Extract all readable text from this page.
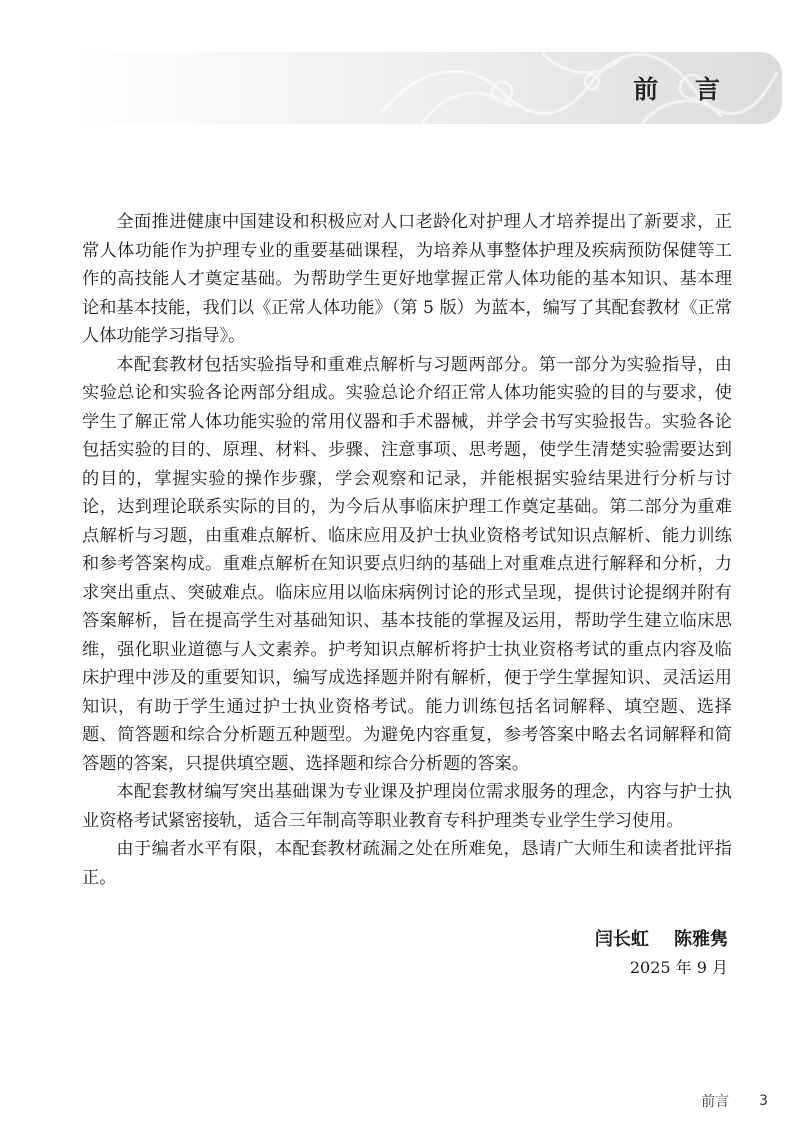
前 言

全面推进健康中国建设和积极应对人口老龄化对护理人才培养提出了新要求，正常人体功能作为护理专业的重要基础课程，为培养从事整体护理及疾病预防保健等工作的高技能人才奠定基础。为帮助学生更好地掌握正常人体功能的基本知识、基本理论和基本技能，我们以《正常人体功能》（第 5 版）为蓝本，编写了其配套教材《正常人体功能学习指导》。

本配套教材包括实验指导和重难点解析与习题两部分。第一部分为实验指导，由实验总论和实验各论两部分组成。实验总论介绍正常人体功能实验的目的与要求，使学生了解正常人体功能实验的常用仪器和手术器械，并学会书写实验报告。实验各论包括实验的目的、原理、材料、步骤、注意事项、思考题，使学生清楚实验需要达到的目的，掌握实验的操作步骤，学会观察和记录，并能根据实验结果进行分析与讨论，达到理论联系实际的目的，为今后从事临床护理工作奠定基础。第二部分为重难点解析与习题，由重难点解析、临床应用及护士执业资格考试知识点解析、能力训练和参考答案构成。重难点解析在知识要点归纳的基础上对重难点进行解释和分析，力求突出重点、突破难点。临床应用以临床病例讨论的形式呈现，提供讨论提纲并附有答案解析，旨在提高学生对基础知识、基本技能的掌握及运用，帮助学生建立临床思维，强化职业道德与人文素养。护考知识点解析将护士执业资格考试的重点内容及临床护理中涉及的重要知识，编写成选择题并附有解析，便于学生掌握知识、灵活运用知识，有助于学生通过护士执业资格考试。能力训练包括名词解释、填空题、选择题、简答题和综合分析题五种题型。为避免内容重复，参考答案中略去名词解释和简答题的答案，只提供填空题、选择题和综合分析题的答案。

本配套教材编写突出基础课为专业课及护理岗位需求服务的理念，内容与护士执业资格考试紧密接轨，适合三年制高等职业教育专科护理类专业学生学习使用。

由于编者水平有限，本配套教材疏漏之处在所难免，恳请广大师生和读者批评指正。

闫长虹    陈雅隽
2025 年 9 月
前言 3
